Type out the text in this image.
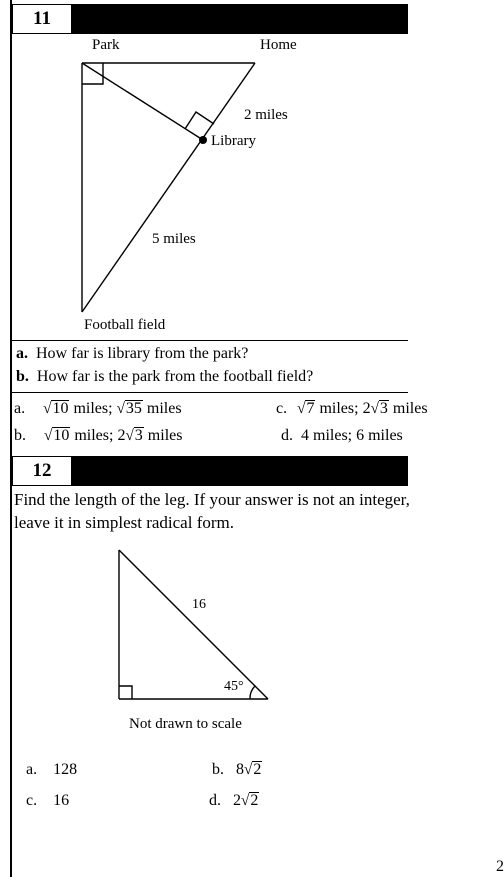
11
Park	Home
2 miles
Library
5 miles
Football field
a. How far is library from the park?
b. How far is the park from the football field?
a. √10 miles; √35 miles	c. √7 miles; 2√3 miles
b. √10 miles; 2√3 miles	d. 4 miles; 6 miles
12
Find the length of the leg. If your answer is not an integer,
leave it in simplest radical form.
16
45°
Not drawn to scale
a. 128	b. 8√2
c. 16	d. 2√2
2
